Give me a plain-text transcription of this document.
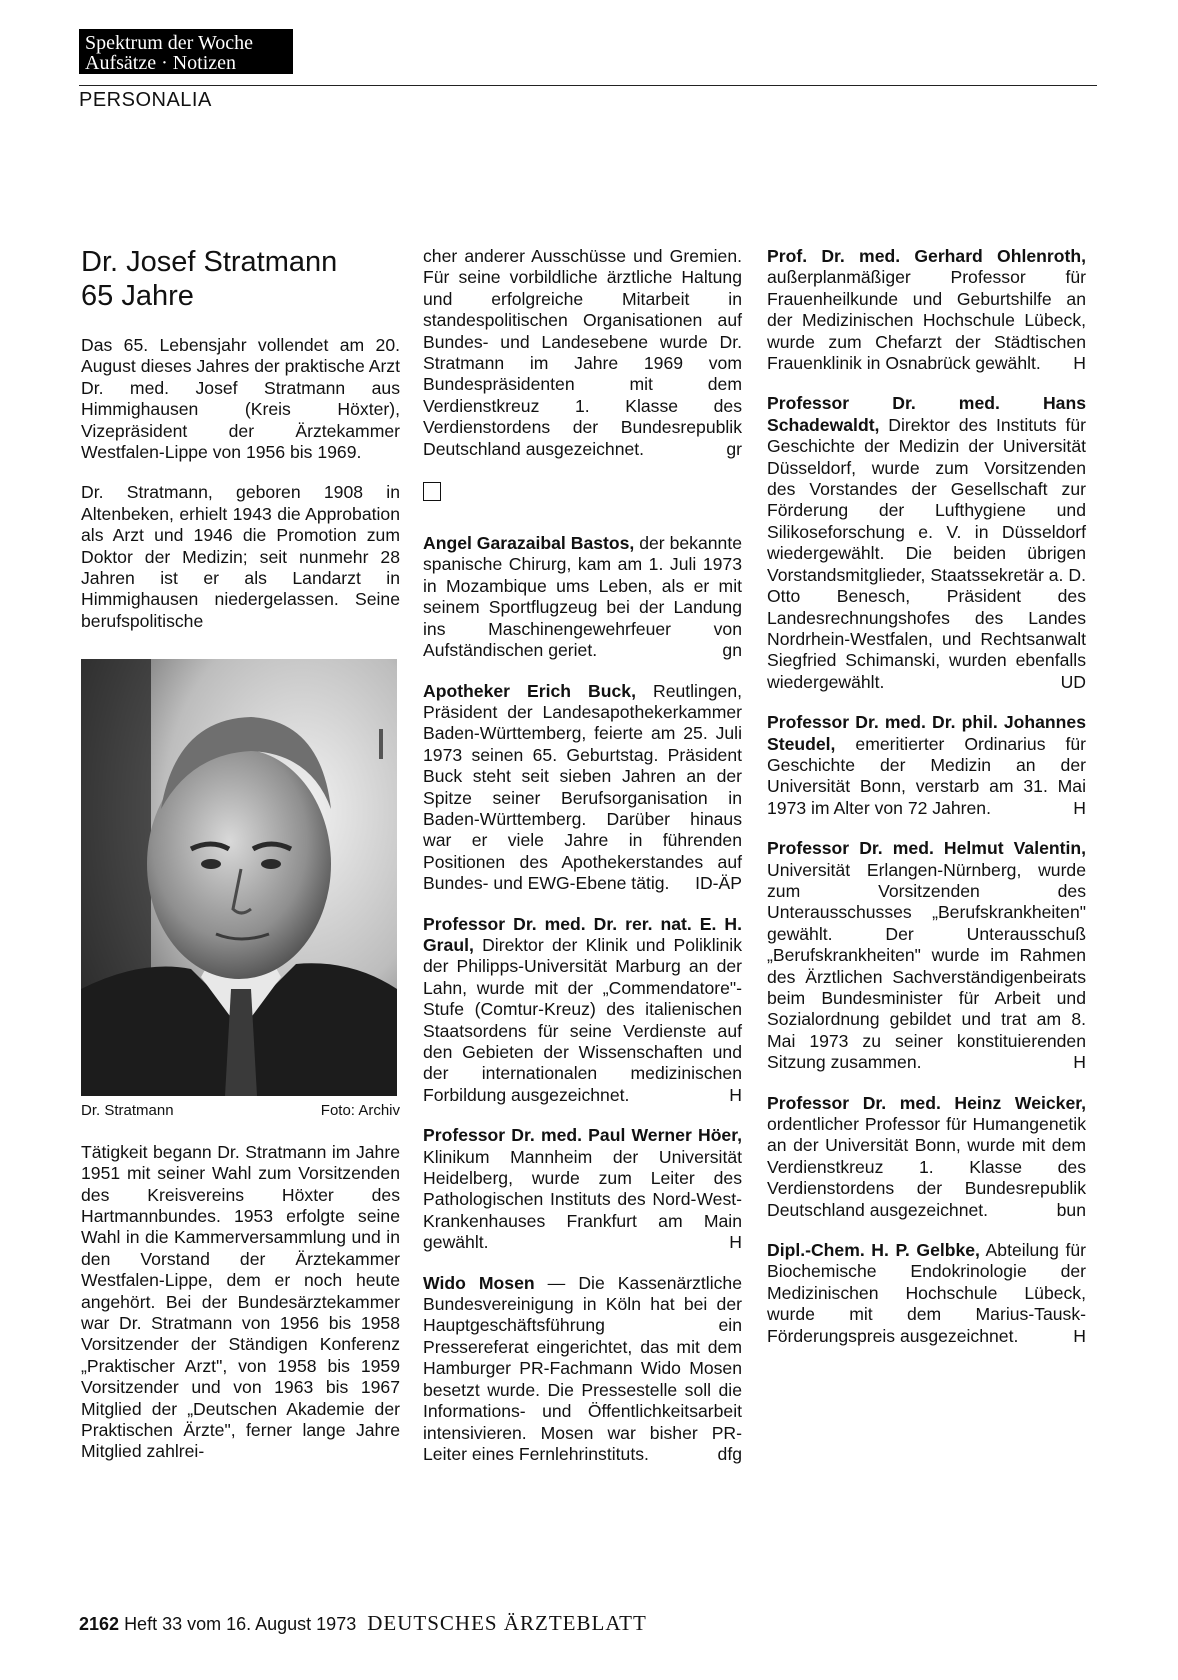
Spektrum der Woche
Aufsätze · Notizen
PERSONALIA
Dr. Josef Stratmann
65 Jahre

Das 65. Lebensjahr vollendet am 20. August dieses Jahres der praktische Arzt Dr. med. Josef Stratmann aus Himmighausen (Kreis Höxter), Vizepräsident der Ärztekammer Westfalen-Lippe von 1956 bis 1969.

Dr. Stratmann, geboren 1908 in Altenbeken, erhielt 1943 die Approbation als Arzt und 1946 die Promotion zum Doktor der Medizin; seit nunmehr 28 Jahren ist er als Landarzt in Himmighausen niedergelassen. Seine berufspolitische

Dr. Stratmann	Foto: Archiv

Tätigkeit begann Dr. Stratmann im Jahre 1951 mit seiner Wahl zum Vorsitzenden des Kreisvereins Höxter des Hartmannbundes. 1953 erfolgte seine Wahl in die Kammerversammlung und in den Vorstand der Ärztekammer Westfalen-Lippe, dem er noch heute angehört. Bei der Bundesärztekammer war Dr. Stratmann von 1956 bis 1958 Vorsitzender der Ständigen Konferenz „Praktischer Arzt", von 1958 bis 1959 Vorsitzender und von 1963 bis 1967 Mitglied der „Deutschen Akademie der Praktischen Ärzte", ferner lange Jahre Mitglied zahlrei-

cher anderer Ausschüsse und Gremien. Für seine vorbildliche ärztliche Haltung und erfolgreiche Mitarbeit in standespolitischen Organisationen auf Bundes- und Landesebene wurde Dr. Stratmann im Jahre 1969 vom Bundespräsidenten mit dem Verdienstkreuz 1. Klasse des Verdienstordens der Bundesrepublik Deutschland ausgezeichnet.	gr

Angel Garazaibal Bastos, der bekannte spanische Chirurg, kam am 1. Juli 1973 in Mozambique ums Leben, als er mit seinem Sportflugzeug bei der Landung ins Maschinengewehrfeuer von Aufständischen geriet.	gn

Apotheker Erich Buck, Reutlingen, Präsident der Landesapothekerkammer Baden-Württemberg, feierte am 25. Juli 1973 seinen 65. Geburtstag. Präsident Buck steht seit sieben Jahren an der Spitze seiner Berufsorganisation in Baden-Württemberg. Darüber hinaus war er viele Jahre in führenden Positionen des Apothekerstandes auf Bundes- und EWG-Ebene tätig. ID-ÄP

Professor Dr. med. Dr. rer. nat. E. H. Graul, Direktor der Klinik und Poliklinik der Philipps-Universität Marburg an der Lahn, wurde mit der „Commendatore"-Stufe (Comtur-Kreuz) des italienischen Staatsordens für seine Verdienste auf den Gebieten der Wissenschaften und der internationalen medizinischen Forbildung ausgezeichnet.	H

Professor Dr. med. Paul Werner Höer, Klinikum Mannheim der Universität Heidelberg, wurde zum Leiter des Pathologischen Instituts des Nord-West-Krankenhauses Frankfurt am Main gewählt.	H

Wido Mosen — Die Kassenärztliche Bundesvereinigung in Köln hat bei der Hauptgeschäftsführung ein Pressereferat eingerichtet, das mit dem Hamburger PR-Fachmann Wido Mosen besetzt wurde. Die Pressestelle soll die Informations- und Öffentlichkeitsarbeit intensivieren. Mosen war bisher PR-Leiter eines Fernlehrinstituts.	dfg

Prof. Dr. med. Gerhard Ohlenroth, außerplanmäßiger Professor für Frauenheilkunde und Geburtshilfe an der Medizinischen Hochschule Lübeck, wurde zum Chefarzt der Städtischen Frauenklinik in Osnabrück gewählt. H

Professor Dr. med. Hans Schadewaldt, Direktor des Instituts für Geschichte der Medizin der Universität Düsseldorf, wurde zum Vorsitzenden des Vorstandes der Gesellschaft zur Förderung der Lufthygiene und Silikoseforschung e. V. in Düsseldorf wiedergewählt. Die beiden übrigen Vorstandsmitglieder, Staatssekretär a. D. Otto Benesch, Präsident des Landesrechnungshofes des Landes Nordrhein-Westfalen, und Rechtsanwalt Siegfried Schimanski, wurden ebenfalls wiedergewählt.	UD

Professor Dr. med. Dr. phil. Johannes Steudel, emeritierter Ordinarius für Geschichte der Medizin an der Universität Bonn, verstarb am 31. Mai 1973 im Alter von 72 Jahren.	H

Professor Dr. med. Helmut Valentin, Universität Erlangen-Nürnberg, wurde zum Vorsitzenden des Unterausschusses „Berufskrankheiten" gewählt. Der Unterausschuß „Berufskrankheiten" wurde im Rahmen des Ärztlichen Sachverständigenbeirats beim Bundesminister für Arbeit und Sozialordnung gebildet und trat am 8. Mai 1973 zu seiner konstituierenden Sitzung zusammen.	H

Professor Dr. med. Heinz Weicker, ordentlicher Professor für Humangenetik an der Universität Bonn, wurde mit dem Verdienstkreuz 1. Klasse des Verdienstordens der Bundesrepublik Deutschland ausgezeichnet.	bun

Dipl.-Chem. H. P. Gelbke, Abteilung für Biochemische Endokrinologie der Medizinischen Hochschule Lübeck, wurde mit dem Marius-Tausk-Förderungspreis ausgezeichnet.	H

2162 Heft 33 vom 16. August 1973 DEUTSCHES ÄRZTEBLATT
